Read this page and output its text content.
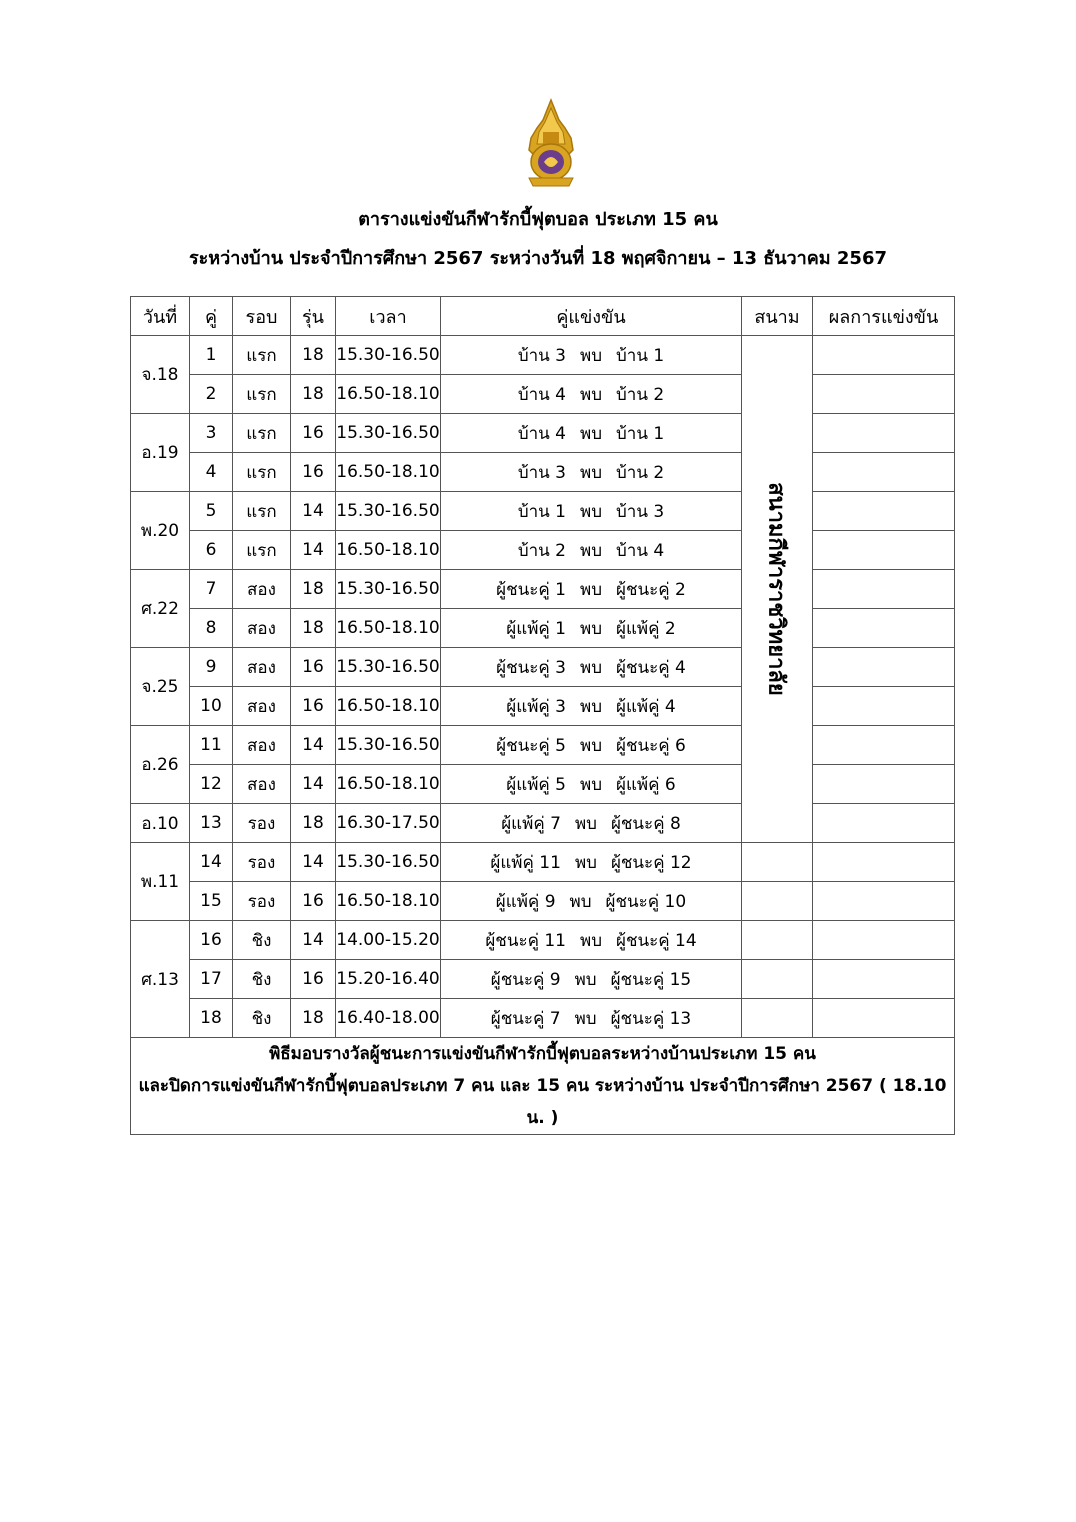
ตารางแข่งขันกีฬารักบี้ฟุตบอล ประเภท 15 คน
ระหว่างบ้าน ประจำปีการศึกษา 2567 ระหว่างวันที่ 18 พฤศจิกายน – 13 ธันวาคม 2567
วันที่	คู่	รอบ	รุ่น	เวลา	คู่แข่งขัน	สนาม	ผลการแข่งขัน
จ.18	1	แรก	18	15.30-16.50	บ้าน 3 พบ บ้าน 1	สนามกีฬาราชวิทยาลัย	

	2	แรก	18	16.50-18.10	บ้าน 4 พบ บ้าน 2		
อ.19	3	แรก	16	15.30-16.50	บ้าน 4 พบ บ้าน 1		
	4	แรก	16	16.50-18.10	บ้าน 3 พบ บ้าน 2		
พ.20	5	แรก	14	15.30-16.50	บ้าน 1 พบ บ้าน 3		
	6	แรก	14	16.50-18.10	บ้าน 2 พบ บ้าน 4		
ศ.22	7	สอง	18	15.30-16.50	ผู้ชนะคู่ 1 พบ ผู้ชนะคู่ 2		
	8	สอง	18	16.50-18.10	ผู้แพ้คู่ 1 พบ ผู้แพ้คู่ 2		
จ.25	9	สอง	16	15.30-16.50	ผู้ชนะคู่ 3 พบ ผู้ชนะคู่ 4		
	10	สอง	16	16.50-18.10	ผู้แพ้คู่ 3 พบ ผู้แพ้คู่ 4		
อ.26	11	สอง	14	15.30-16.50	ผู้ชนะคู่ 5 พบ ผู้ชนะคู่ 6		
	12	สอง	14	16.50-18.10	ผู้แพ้คู่ 5 พบ ผู้แพ้คู่ 6		
อ.10	13	รอง	18	16.30-17.50	ผู้แพ้คู่ 7 พบ ผู้ชนะคู่ 8		
พ.11	14	รอง	14	15.30-16.50	ผู้แพ้คู่ 11 พบ ผู้ชนะคู่ 12		
	15	รอง	16	16.50-18.10	ผู้แพ้คู่ 9 พบ ผู้ชนะคู่ 10		
ศ.13	16	ชิง	14	14.00-15.20	ผู้ชนะคู่ 11 พบ ผู้ชนะคู่ 14		
	17	ชิง	16	15.20-16.40	ผู้ชนะคู่ 9 พบ ผู้ชนะคู่ 15		
	18	ชิง	18	16.40-18.00	ผู้ชนะคู่ 7 พบ ผู้ชนะคู่ 13		

พิธีมอบรางวัลผู้ชนะการแข่งขันกีฬารักบี้ฟุตบอลระหว่างบ้านประเภท 15 คน
และปิดการแข่งขันกีฬารักบี้ฟุตบอลประเภท 7 คน และ 15 คน ระหว่างบ้าน ประจำปีการศึกษา 2567 ( 18.10 น. )							
